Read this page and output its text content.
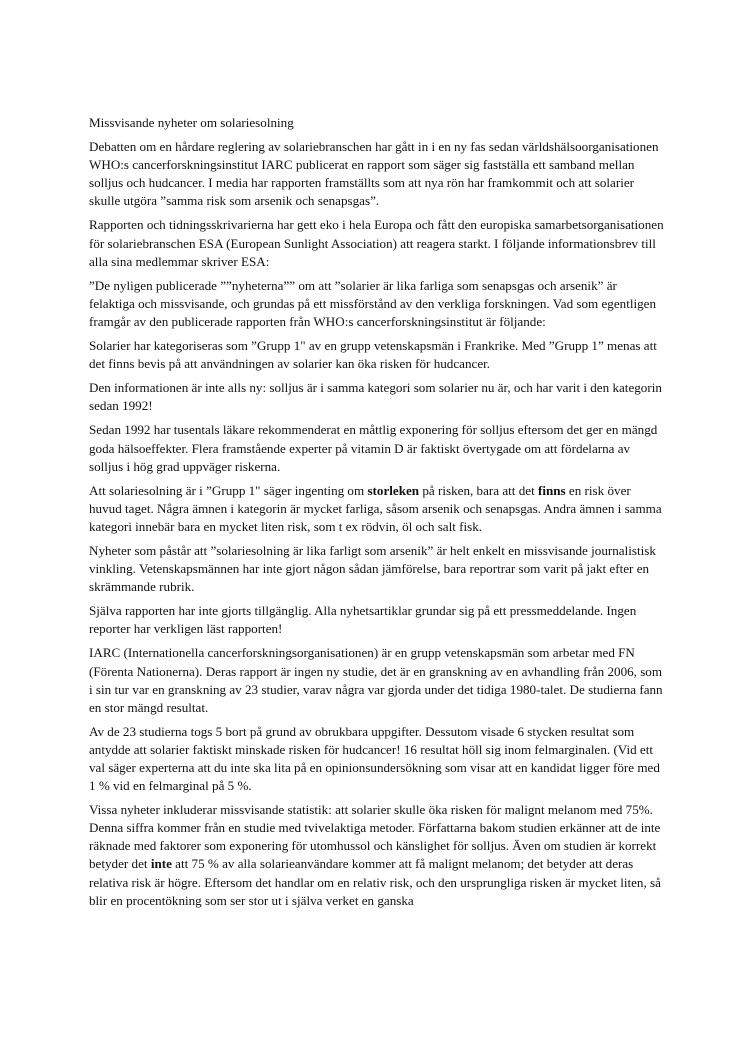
Missvisande nyheter om solariesolning

Debatten om en hårdare reglering av solariebranschen har gått in i en ny fas sedan världshälsoorganisationen WHO:s cancerforskningsinstitut IARC publicerat en rapport som säger sig fastställa ett samband mellan solljus och hudcancer. I media har rapporten framställts som att nya rön har framkommit och att solarier skulle utgöra ”samma risk som arsenik och senapsgas”.

Rapporten och tidningsskrivarierna har gett eko i hela Europa och fått den europiska samarbetsorganisationen för solariebranschen ESA (European Sunlight Association) att reagera starkt. I följande informationsbrev till alla sina medlemmar skriver ESA:

”De nyligen publicerade ””nyheterna”” om att ”solarier är lika farliga som senapsgas och arsenik” är felaktiga och missvisande, och grundas på ett missförstånd av den verkliga forskningen. Vad som egentligen framgår av den publicerade rapporten från WHO:s cancerforskningsinstitut är följande:

Solarier har kategoriseras som ”Grupp 1" av en grupp vetenskapsmän i Frankrike. Med ”Grupp 1” menas att det finns bevis på att användningen av solarier kan öka risken för hudcancer.

Den informationen är inte alls ny: solljus är i samma kategori som solarier nu är, och har varit i den kategorin sedan 1992!

Sedan 1992 har tusentals läkare rekommenderat en måttlig exponering för solljus eftersom det ger en mängd goda hälsoeffekter. Flera framstående experter på vitamin D är faktiskt övertygade om att fördelarna av solljus i hög grad uppväger riskerna.

Att solariesolning är i ”Grupp 1" säger ingenting om storleken på risken, bara att det finns en risk över huvud taget. Några ämnen i kategorin är mycket farliga, såsom arsenik och senapsgas. Andra ämnen i samma kategori innebär bara en mycket liten risk, som t ex rödvin, öl och salt fisk.

Nyheter som påstår att ”solariesolning är lika farligt som arsenik” är helt enkelt en missvisande journalistisk vinkling. Vetenskapsmännen har inte gjort någon sådan jämförelse, bara reportrar som varit på jakt efter en skrämmande rubrik.

Själva rapporten har inte gjorts tillgänglig. Alla nyhetsartiklar grundar sig på ett pressmeddelande. Ingen reporter har verkligen läst rapporten!

IARC (Internationella cancerforskningsorganisationen) är en grupp vetenskapsmän som arbetar med FN (Förenta Nationerna). Deras rapport är ingen ny studie, det är en granskning av en avhandling från 2006, som i sin tur var en granskning av 23 studier, varav några var gjorda under det tidiga 1980-talet. De studierna fann en stor mängd resultat.

Av de 23 studierna togs 5 bort på grund av obrukbara uppgifter. Dessutom visade 6 stycken resultat som antydde att solarier faktiskt minskade risken för hudcancer! 16 resultat höll sig inom felmarginalen. (Vid ett val säger experterna att du inte ska lita på en opinionsundersökning som visar att en kandidat ligger före med 1 % vid en felmarginal på 5 %.

Vissa nyheter inkluderar missvisande statistik: att solarier skulle öka risken för malignt melanom med 75%. Denna siffra kommer från en studie med tvivelaktiga metoder. Författarna bakom studien erkänner att de inte räknade med faktorer som exponering för utomhussol och känslighet för solljus. Även om studien är korrekt betyder det inte att 75 % av alla solarieanvändare kommer att få malignt melanom; det betyder att deras relativa risk är högre. Eftersom det handlar om en relativ risk, och den ursprungliga risken är mycket liten, så blir en procentökning som ser stor ut i själva verket en ganska
